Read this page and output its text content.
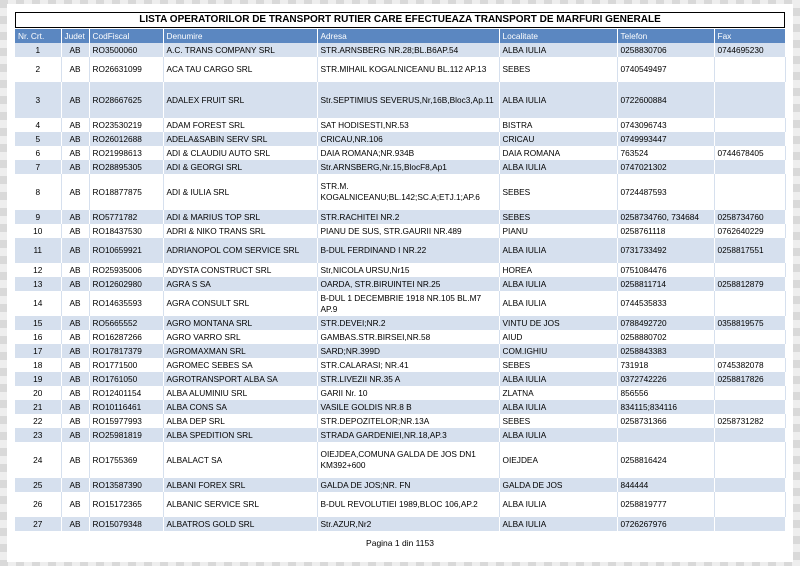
LISTA OPERATORILOR DE TRANSPORT RUTIER CARE EFECTUEAZA TRANSPORT DE MARFURI GENERALE
Nr. Crt.	Judet	CodFiscal	Denumire	Adresa	Localitate	Telefon	Fax
1	AB	RO3500060	A.C. TRANS COMPANY SRL	STR.ARNSBERG NR.28;BL.B6AP.54	ALBA IULIA	0258830706	0744695230
2	AB	RO26631099	ACA TAU CARGO SRL	STR.MIHAIL KOGALNICEANU BL.112 AP.13	SEBES	0740549497	
3	AB	RO28667625	ADALEX FRUIT SRL	Str.SEPTIMIUS SEVERUS,Nr,16B,Bloc3,Ap.11	ALBA IULIA	0722600884	
4	AB	RO23530219	ADAM FOREST SRL	SAT HODISESTI,NR.53	BISTRA	0743096743	
5	AB	RO26012688	ADELA&SABIN SERV SRL	CRICAU,NR.106	CRICAU	0749993447	
6	AB	RO21998613	ADI & CLAUDIU AUTO SRL	DAIA ROMANA;NR.934B	DAIA ROMANA	763524	0744678405
7	AB	RO28895305	ADI & GEORGI SRL	Str.ARNSBERG,Nr.15,BlocF8,Ap1	ALBA IULIA	0747021302	
8	AB	RO18877875	ADI & IULIA SRL	STR.M. KOGALNICEANU;BL.142;SC.A;ETJ.1;AP.6	SEBES	0724487593	
9	AB	RO5771782	ADI & MARIUS TOP SRL	STR.RACHITEI NR.2	SEBES	0258734760, 734684	0258734760
10	AB	RO18437530	ADRI & NIKO TRANS SRL	PIANU DE SUS, STR.GAURII NR.489	PIANU	0258761118	0762640229
11	AB	RO10659921	ADRIANOPOL COM SERVICE SRL	B-DUL FERDINAND I NR.22	ALBA IULIA	0731733492	0258817551
12	AB	RO25935006	ADYSTA CONSTRUCT SRL	Str,NICOLA URSU,Nr15	HOREA	0751084476	
13	AB	RO12602980	AGRA S SA	OARDA, STR.BIRUINTEI NR.25	ALBA IULIA	0258811714	0258812879
14	AB	RO14635593	AGRA CONSULT SRL	B-DUL 1 DECEMBRIE 1918 NR.105 BL.M7 AP.9	ALBA IULIA	0744535833	
15	AB	RO5665552	AGRO MONTANA SRL	STR.DEVEI;NR.2	VINTU DE JOS	0788492720	0358819575
16	AB	RO16287266	AGRO VARRO SRL	GAMBAS.STR.BIRSEI,NR.58	AIUD	0258880702	
17	AB	RO17817379	AGROMAXMAN SRL	SARD;NR.399D	COM.IGHIU	0258843383	
18	AB	RO1771500	AGROMEC SEBES SA	STR.CALARASI; NR.41	SEBES	731918	0745382078
19	AB	RO1761050	AGROTRANSPORT ALBA SA	STR.LIVEZII NR.35 A	ALBA IULIA	0372742226	0258817826
20	AB	RO12401154	ALBA ALUMINIU SRL	GARII Nr. 10	ZLATNA	856556	
21	AB	RO10116461	ALBA CONS SA	VASILE GOLDIS NR.8 B	ALBA IULIA	834115;834116	
22	AB	RO15977993	ALBA DEP SRL	STR.DEPOZITELOR;NR.13A	SEBES	0258731366	0258731282
23	AB	RO25981819	ALBA SPEDITION SRL	STRADA GARDENIEI,NR.18,AP.3	ALBA IULIA		
24	AB	RO1755369	ALBALACT SA	OIEJDEA,COMUNA GALDA DE JOS DN1 KM392+600	OIEJDEA	0258816424	
25	AB	RO13587390	ALBANI FOREX SRL	GALDA DE JOS;NR. FN	GALDA DE JOS	844444	
26	AB	RO15172365	ALBANIC SERVICE SRL	B-DUL REVOLUTIEI 1989,BLOC 106,AP.2	ALBA IULIA	0258819777	
27	AB	RO15079348	ALBATROS GOLD SRL	Str.AZUR,Nr2	ALBA IULIA	0726267976	
Pagina 1 din 1153
